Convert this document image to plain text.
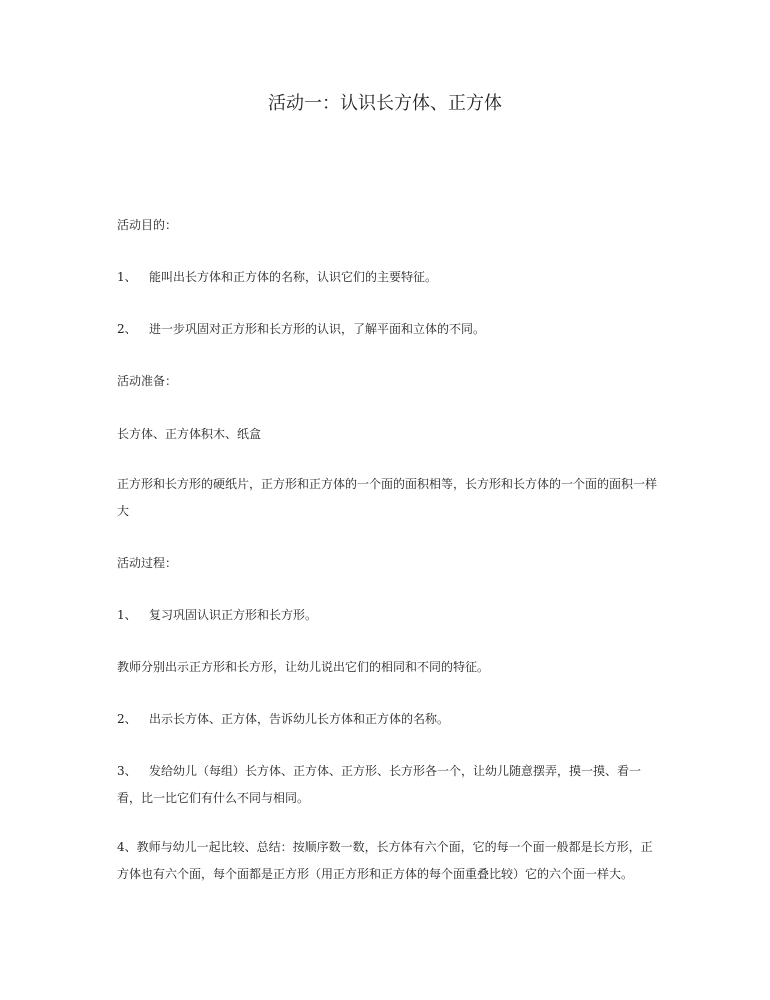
活动一：认识长方体、正方体

活动目的：

1、 能叫出长方体和正方体的名称，认识它们的主要特征。

2、 进一步巩固对正方形和长方形的认识，了解平面和立体的不同。

活动准备：

长方体、正方体积木、纸盒

正方形和长方形的硬纸片，正方形和正方体的一个面的面积相等，长方形和长方体的一个面的面积一样大

活动过程：

1、 复习巩固认识正方形和长方形。

教师分别出示正方形和长方形，让幼儿说出它们的相同和不同的特征。

2、 出示长方体、正方体，告诉幼儿长方体和正方体的名称。

3、 发给幼儿（每组）长方体、正方体、正方形、长方形各一个，让幼儿随意摆弄，摸一摸、看一看，比一比它们有什么不同与相同。

4、教师与幼儿一起比较、总结：按顺序数一数，长方体有六个面，它的每一个面一般都是长方形，正方体也有六个面，每个面都是正方形（用正方形和正方体的每个面重叠比较）它的六个面一样大。
